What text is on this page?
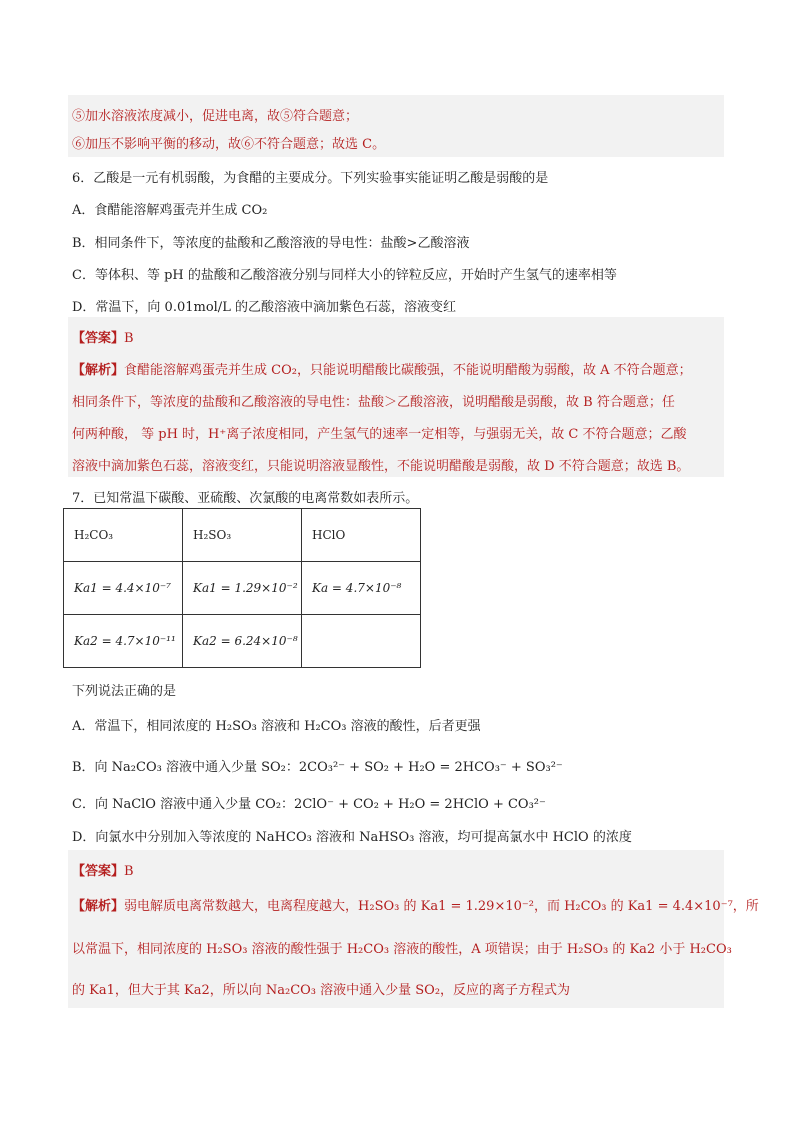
⑤加水溶液浓度减小，促进电离，故⑤符合题意；
⑥加压不影响平衡的移动，故⑥不符合题意；故选 C。
6．乙酸是一元有机弱酸，为食醋的主要成分。下列实验事实能证明乙酸是弱酸的是
A．食醋能溶解鸡蛋壳并生成 CO₂
B．相同条件下，等浓度的盐酸和乙酸溶液的导电性：盐酸>乙酸溶液
C．等体积、等 pH 的盐酸和乙酸溶液分别与同样大小的锌粒反应，开始时产生氢气的速率相等
D．常温下，向 0.01mol/L 的乙酸溶液中滴加紫色石蕊，溶液变红
【答案】B
【解析】食醋能溶解鸡蛋壳并生成 CO₂，只能说明醋酸比碳酸强，不能说明醋酸为弱酸，故 A 不符合题意；
相同条件下，等浓度的盐酸和乙酸溶液的导电性：盐酸＞乙酸溶液，说明醋酸是弱酸，故 B 符合题意；任
何两种酸， 等 pH 时，H⁺离子浓度相同，产生氢气的速率一定相等，与强弱无关，故 C 不符合题意；乙酸
溶液中滴加紫色石蕊，溶液变红，只能说明溶液显酸性，不能说明醋酸是弱酸，故 D 不符合题意；故选 B。
7．已知常温下碳酸、亚硫酸、次氯酸的电离常数如表所示。
H₂CO₃	H₂SO₃	HClO
Ka1 = 4.4×10⁻⁷	Ka1 = 1.29×10⁻²	Ka = 4.7×10⁻⁸
Ka2 = 4.7×10⁻¹¹	Ka2 = 6.24×10⁻⁸	
下列说法正确的是
A．常温下，相同浓度的 H₂SO₃ 溶液和 H₂CO₃ 溶液的酸性，后者更强
B．向 Na₂CO₃ 溶液中通入少量 SO₂：2CO₃²⁻ + SO₂ + H₂O = 2HCO₃⁻ + SO₃²⁻
C．向 NaClO 溶液中通入少量 CO₂：2ClO⁻ + CO₂ + H₂O = 2HClO + CO₃²⁻
D．向氯水中分别加入等浓度的 NaHCO₃ 溶液和 NaHSO₃ 溶液，均可提高氯水中 HClO 的浓度
【答案】B
【解析】弱电解质电离常数越大，电离程度越大，H₂SO₃ 的 Ka1 = 1.29×10⁻²，而 H₂CO₃ 的 Ka1 = 4.4×10⁻⁷，所
以常温下，相同浓度的 H₂SO₃ 溶液的酸性强于 H₂CO₃ 溶液的酸性，A 项错误；由于 H₂SO₃ 的 Ka2 小于 H₂CO₃
的 Ka1，但大于其 Ka2，所以向 Na₂CO₃ 溶液中通入少量 SO₂，反应的离子方程式为
